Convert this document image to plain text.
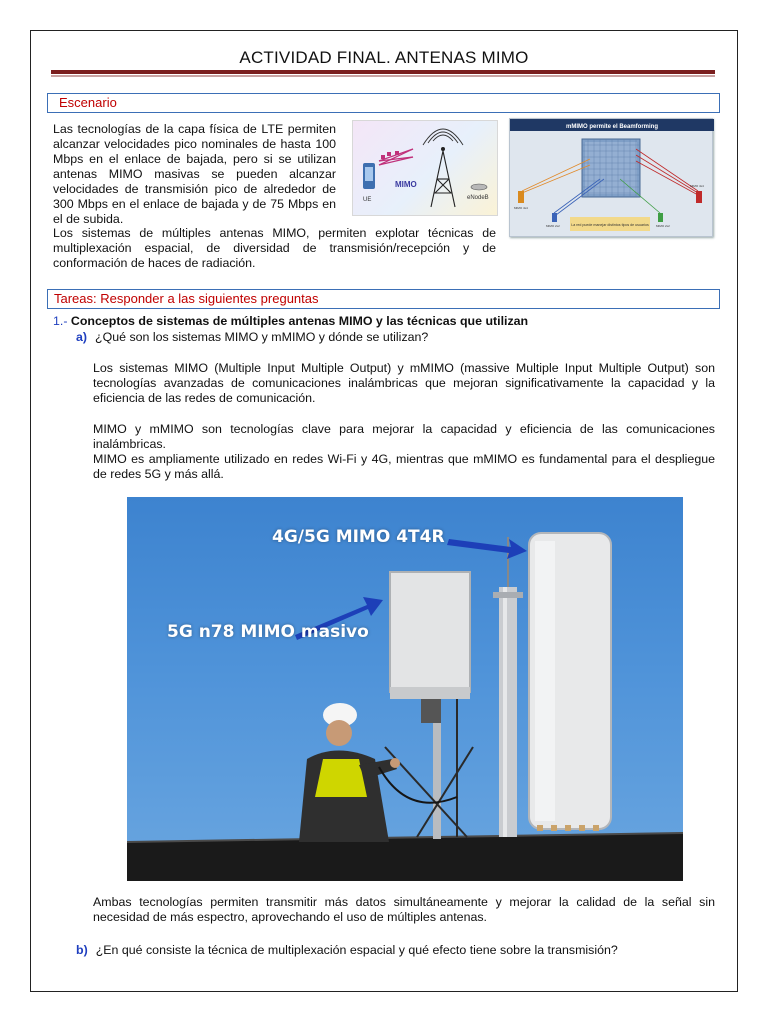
ACTIVIDAD FINAL. ANTENAS MIMO
Escenario

Las tecnologías de la capa física de LTE permiten alcanzar velocidades pico nominales de hasta 100 Mbps en el enlace de bajada, pero si se utilizan antenas MIMO masivas se pueden alcanzar velocidades de transmisión pico de alrededor de 300 Mbps en el enlace de bajada y de 75 Mbps en el de subida.

UE
MIMO
eNodeB
mMIMO permite el Beamforming
MIMO 4x4
MIMO 2x2	MIMO 2x2
MIMO 4x4
La red puede manejar distintos tipos de usuarios

Los sistemas de múltiples antenas MIMO, permiten explotar técnicas de multiplexación espacial, de diversidad de transmisión/recepción y de conformación de haces de radiación.

Tareas: Responder a las siguientes preguntas
1.- Conceptos de sistemas de múltiples antenas MIMO y las técnicas que utilizan
a) ¿Qué son los sistemas MIMO y mMIMO y dónde se utilizan?

Los sistemas MIMO (Multiple Input Multiple Output) y mMIMO (massive Multiple Input Multiple Output) son tecnologías avanzadas de comunicaciones inalámbricas que mejoran significativamente la capacidad y la eficiencia de las redes de comunicación.

MIMO y mMIMO son tecnologías clave para mejorar la capacidad y eficiencia de las comunicaciones inalámbricas.

MIMO es ampliamente utilizado en redes Wi-Fi y 4G, mientras que mMIMO es fundamental para el despliegue de redes 5G y más allá.

4G/5G MIMO 4T4R
5G n78 MIMO masivo

Ambas tecnologías permiten transmitir más datos simultáneamente y mejorar la calidad de la señal sin necesidad de más espectro, aprovechando el uso de múltiples antenas.

b) ¿En qué consiste la técnica de multiplexación espacial y qué efecto tiene sobre la transmisión?
